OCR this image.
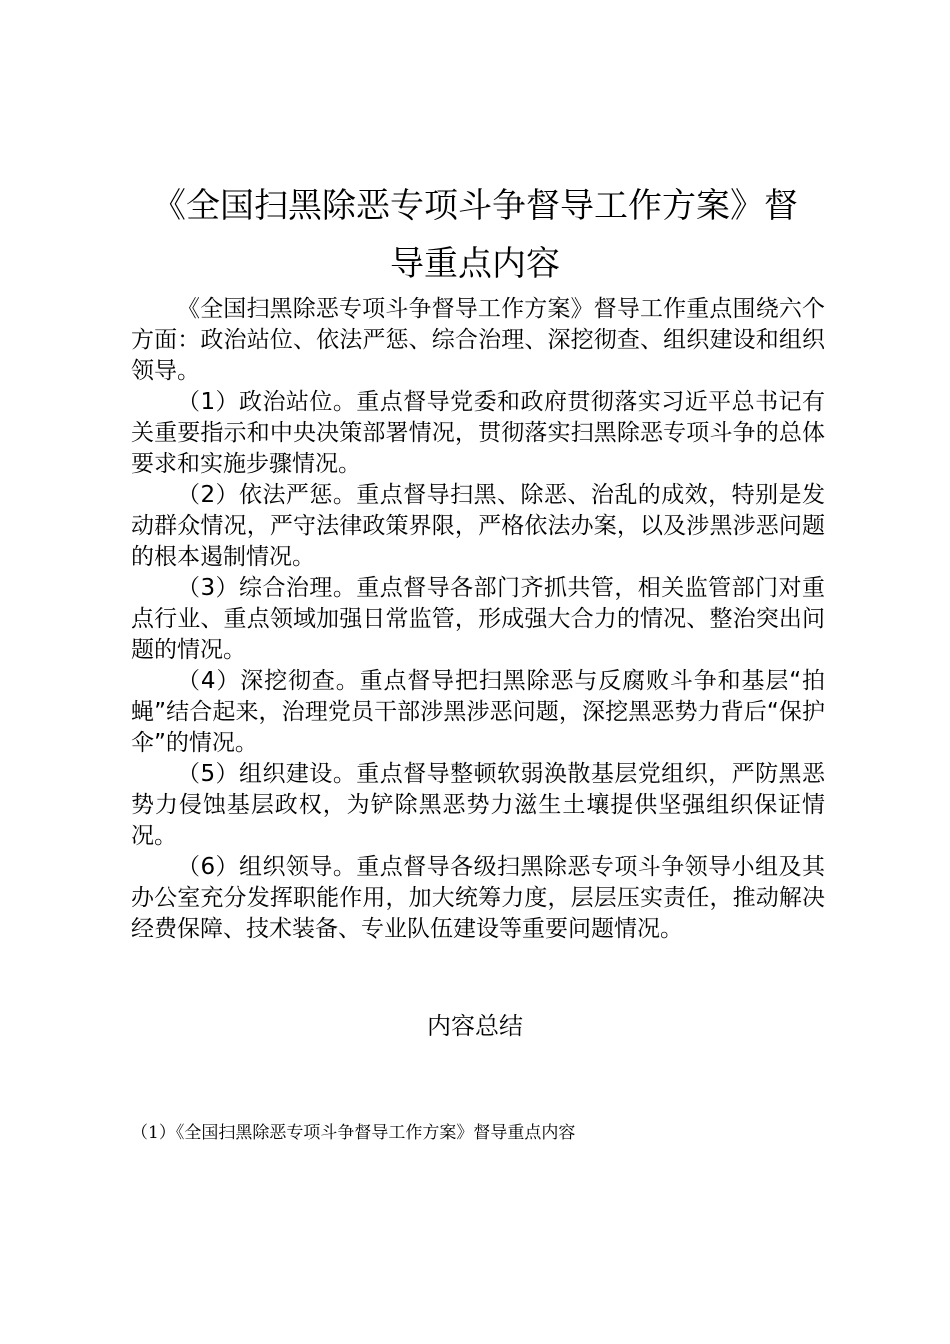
《全国扫黑除恶专项斗争督导工作方案》督
导重点内容

《全国扫黑除恶专项斗争督导工作方案》督导工作重点围绕六个方面：政治站位、依法严惩、综合治理、深挖彻查、组织建设和组织领导。

（1）政治站位。重点督导党委和政府贯彻落实习近平总书记有关重要指示和中央决策部署情况，贯彻落实扫黑除恶专项斗争的总体要求和实施步骤情况。

（2）依法严惩。重点督导扫黑、除恶、治乱的成效，特别是发动群众情况，严守法律政策界限，严格依法办案，以及涉黑涉恶问题的根本遏制情况。

（3）综合治理。重点督导各部门齐抓共管，相关监管部门对重点行业、重点领域加强日常监管，形成强大合力的情况、整治突出问题的情况。

（4）深挖彻查。重点督导把扫黑除恶与反腐败斗争和基层“拍蝇”结合起来，治理党员干部涉黑涉恶问题，深挖黑恶势力背后“保护伞”的情况。

（5）组织建设。重点督导整顿软弱涣散基层党组织，严防黑恶势力侵蚀基层政权，为铲除黑恶势力滋生土壤提供坚强组织保证情况。

（6）组织领导。重点督导各级扫黑除恶专项斗争领导小组及其办公室充分发挥职能作用，加大统筹力度，层层压实责任，推动解决经费保障、技术装备、专业队伍建设等重要问题情况。

内容总结
（1）《全国扫黑除恶专项斗争督导工作方案》督导重点内容
